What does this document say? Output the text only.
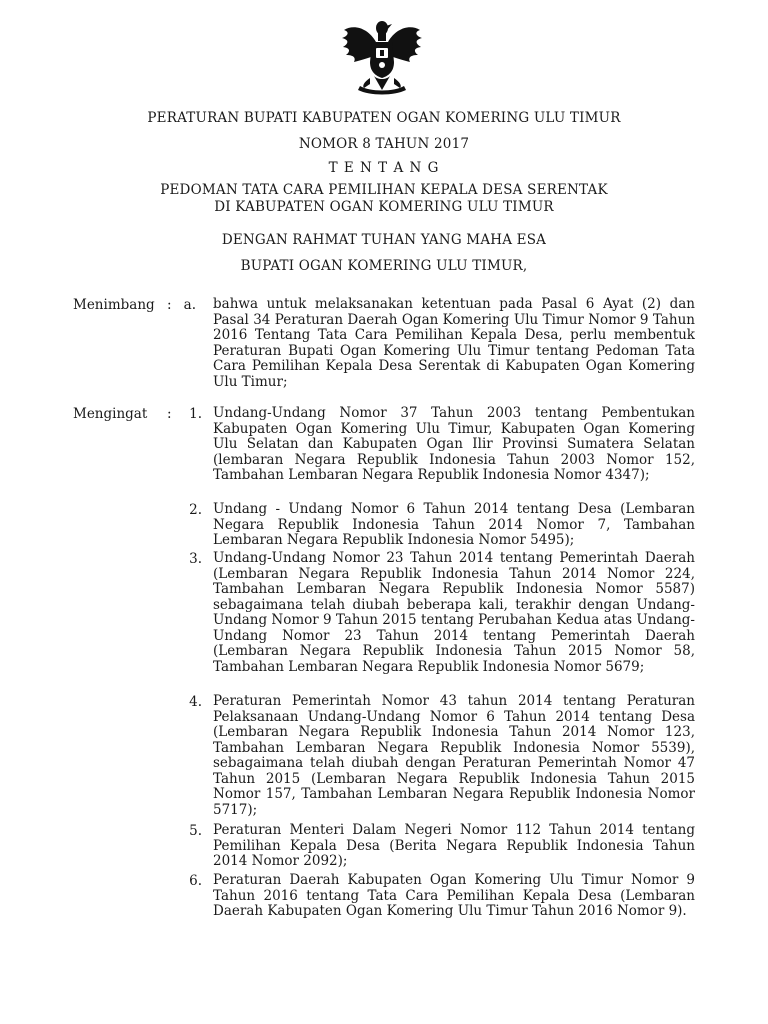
PERATURAN BUPATI KABUPATEN OGAN KOMERING ULU TIMUR
NOMOR 8 TAHUN 2017
T E N T A N G
PEDOMAN TATA CARA PEMILIHAN KEPALA DESA SERENTAK
DI KABUPATEN OGAN KOMERING ULU TIMUR
DENGAN RAHMAT TUHAN YANG MAHA ESA
BUPATI OGAN KOMERING ULU TIMUR,
Menimbang : a. bahwa untuk melaksanakan ketentuan pada Pasal 6 Ayat (2) dan Pasal 34 Peraturan Daerah Ogan Komering Ulu Timur Nomor 9 Tahun 2016 Tentang Tata Cara Pemilihan Kepala Desa, perlu membentuk Peraturan Bupati Ogan Komering Ulu Timur tentang Pedoman Tata Cara Pemilihan Kepala Desa Serentak di Kabupaten Ogan Komering Ulu Timur;

Mengingat :	1. Undang-Undang Nomor 37 Tahun 2003 tentang Pembentukan Kabupaten Ogan Komering Ulu Timur, Kabupaten Ogan Komering Ulu Selatan dan Kabupaten Ogan Ilir Provinsi Sumatera Selatan (lembaran Negara Republik Indonesia Tahun 2003 Nomor 152, Tambahan Lembaran Negara Republik Indonesia Nomor 4347);

2. Undang - Undang Nomor 6 Tahun 2014 tentang Desa (Lembaran Negara Republik Indonesia Tahun 2014 Nomor 7, Tambahan Lembaran Negara Republik Indonesia Nomor 5495);

3. Undang-Undang Nomor 23 Tahun 2014 tentang Pemerintah Daerah (Lembaran Negara Republik Indonesia Tahun 2014 Nomor 224, Tambahan Lembaran Negara Republik Indonesia Nomor 5587) sebagaimana telah diubah beberapa kali, terakhir dengan Undang-Undang Nomor 9 Tahun 2015 tentang Perubahan Kedua atas Undang-Undang Nomor 23 Tahun 2014 tentang Pemerintah Daerah (Lembaran Negara Republik Indonesia Tahun 2015 Nomor 58, Tambahan Lembaran Negara Republik Indonesia Nomor 5679;

4. Peraturan Pemerintah Nomor 43 tahun 2014 tentang Peraturan Pelaksanaan Undang-Undang Nomor 6 Tahun 2014 tentang Desa (Lembaran Negara Republik Indonesia Tahun 2014 Nomor 123, Tambahan Lembaran Negara Republik Indonesia Nomor 5539), sebagaimana telah diubah dengan Peraturan Pemerintah Nomor 47 Tahun 2015 (Lembaran Negara Republik Indonesia Tahun 2015 Nomor 157, Tambahan Lembaran Negara Republik Indonesia Nomor 5717);

5. Peraturan Menteri Dalam Negeri Nomor 112 Tahun 2014 tentang Pemilihan Kepala Desa (Berita Negara Republik Indonesia Tahun 2014 Nomor 2092);

6. Peraturan Daerah Kabupaten Ogan Komering Ulu Timur Nomor 9 Tahun 2016 tentang Tata Cara Pemilihan Kepala Desa (Lembaran Daerah Kabupaten Ogan Komering Ulu Timur Tahun 2016 Nomor 9).
